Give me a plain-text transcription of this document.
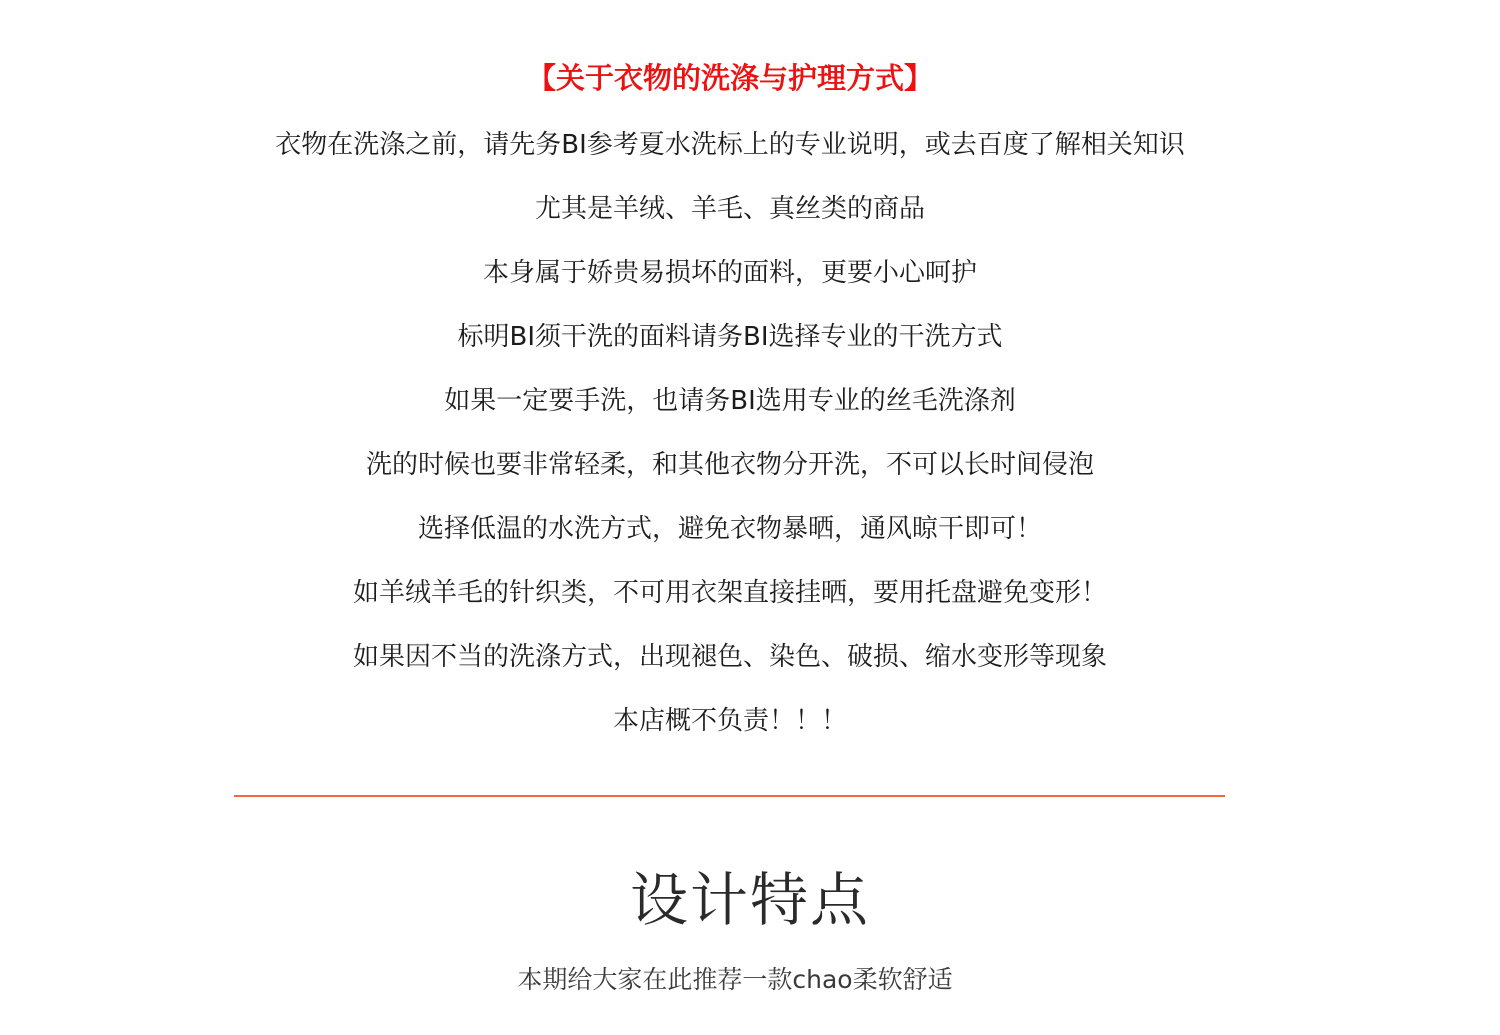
【关于衣物的洗涤与护理方式】
衣物在洗涤之前，请先务BI参考夏水洗标上的专业说明，或去百度了解相关知识
尤其是羊绒、羊毛、真丝类的商品
本身属于娇贵易损坏的面料，更要小心呵护
标明BI须干洗的面料请务BI选择专业的干洗方式
如果一定要手洗，也请务BI选用专业的丝毛洗涤剂
洗的时候也要非常轻柔，和其他衣物分开洗，不可以长时间侵泡
选择低温的水洗方式，避免衣物暴晒，通风晾干即可！
如羊绒羊毛的针织类，不可用衣架直接挂晒，要用托盘避免变形！
如果因不当的洗涤方式，出现褪色、染色、破损、缩水变形等现象
本店概不负责！！！
设计特点
本期给大家在此推荐一款chao柔软舒适
